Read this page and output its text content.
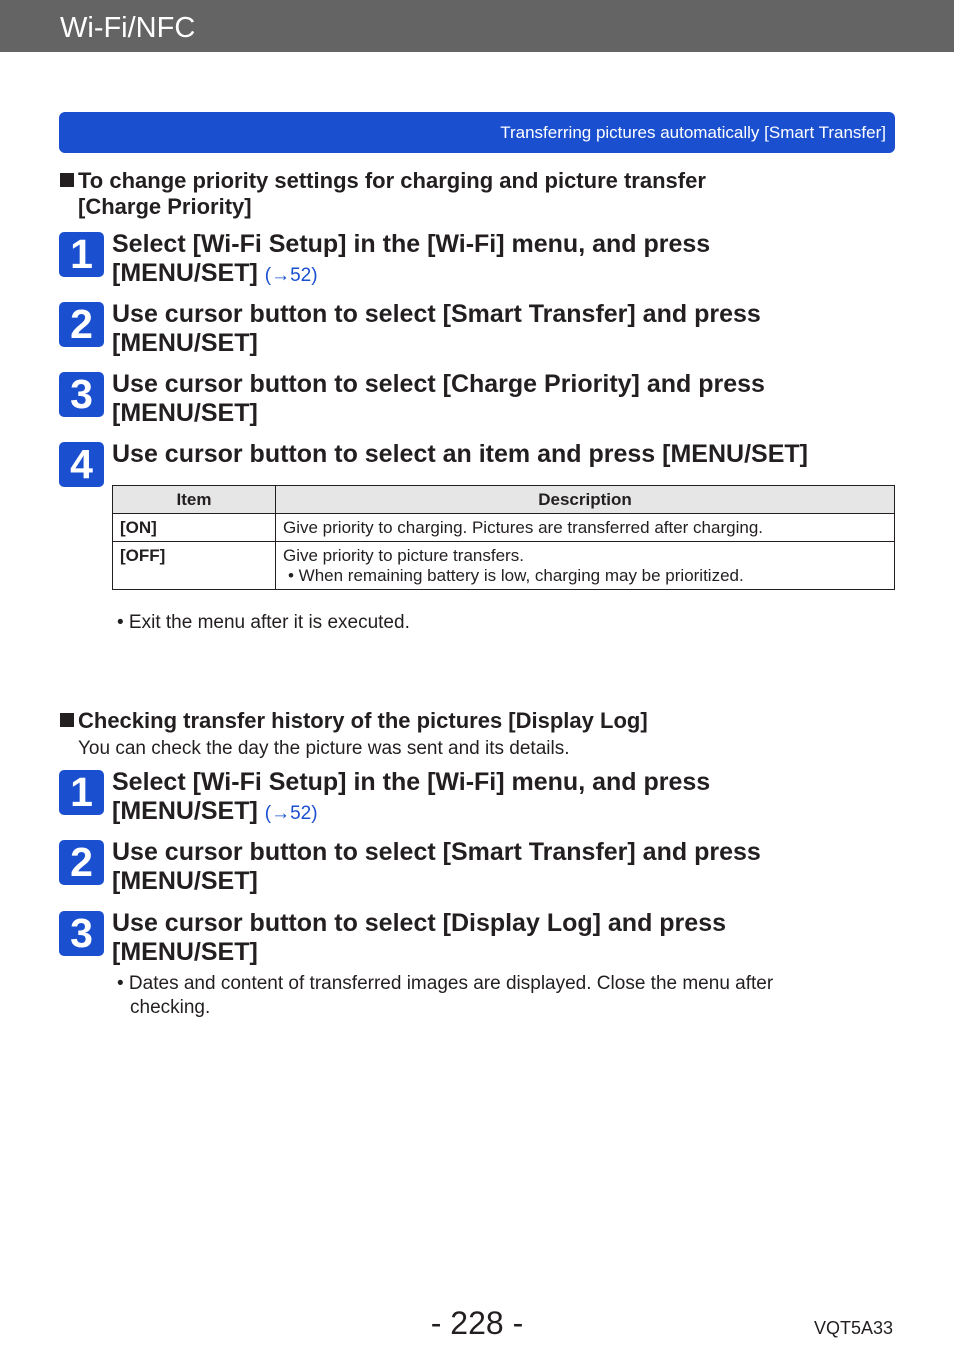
Wi-Fi/NFC
Transferring pictures automatically [Smart Transfer]
To change priority settings for charging and picture transfer
[Charge Priority]
1 Select [Wi-Fi Setup] in the [Wi-Fi] menu, and press
[MENU/SET] (→52)
2 Use cursor button to select [Smart Transfer] and press
[MENU/SET]
3 Use cursor button to select [Charge Priority] and press
[MENU/SET]
4 Use cursor button to select an item and press [MENU/SET]
Item	Description
[ON]	Give priority to charging. Pictures are transferred after charging.
[OFF]	Give priority to picture transfers.
• When remaining battery is low, charging may be prioritized.
• Exit the menu after it is executed.
Checking transfer history of the pictures [Display Log]
You can check the day the picture was sent and its details.
1 Select [Wi-Fi Setup] in the [Wi-Fi] menu, and press
[MENU/SET] (→52)
2 Use cursor button to select [Smart Transfer] and press
[MENU/SET]
3 Use cursor button to select [Display Log] and press
[MENU/SET]
• Dates and content of transferred images are displayed. Close the menu after
checking.
- 228 -	VQT5A33
